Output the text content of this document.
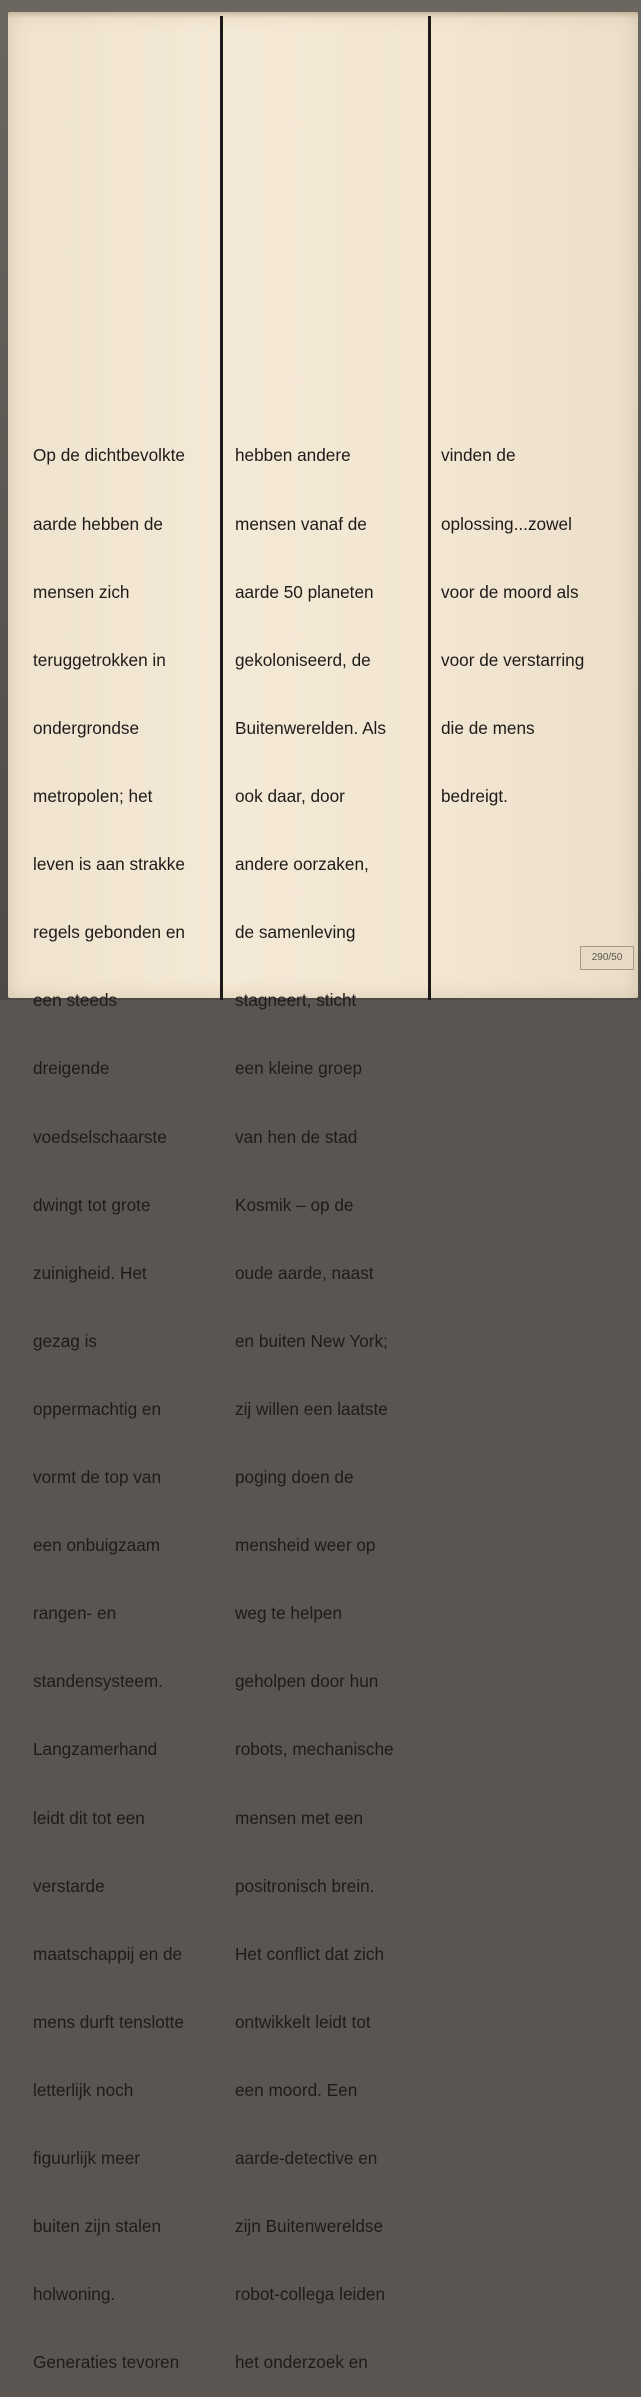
Op de dichtbevolkte

aarde hebben de

mensen zich

teruggetrokken in

ondergrondse

metropolen; het

leven is aan strakke

regels gebonden en

een steeds

dreigende

voedselschaarste

dwingt tot grote

zuinigheid. Het

gezag is

oppermachtig en

vormt de top van

een onbuigzaam

rangen- en

standensysteem.

Langzamerhand

leidt dit tot een

verstarde

maatschappij en de

mens durft tenslotte

letterlijk noch

figuurlijk meer

buiten zijn stalen

holwoning.

Generaties tevoren

hebben andere

mensen vanaf de

aarde 50 planeten

gekoloniseerd, de

Buitenwerelden. Als

ook daar, door

andere oorzaken,

de samenleving

stagneert, sticht

een kleine groep

van hen de stad

Kosmik – op de

oude aarde, naast

en buiten New York;

zij willen een laatste

poging doen de

mensheid weer op

weg te helpen

geholpen door hun

robots, mechanische

mensen met een

positronisch brein.

Het conflict dat zich

ontwikkelt leidt tot

een moord. Een

aarde-detective en

zijn Buitenwereldse

robot-collega leiden

het onderzoek en

vinden de

oplossing...zowel

voor de moord als

voor de verstarring

die de mens

bedreigt.

290/50
